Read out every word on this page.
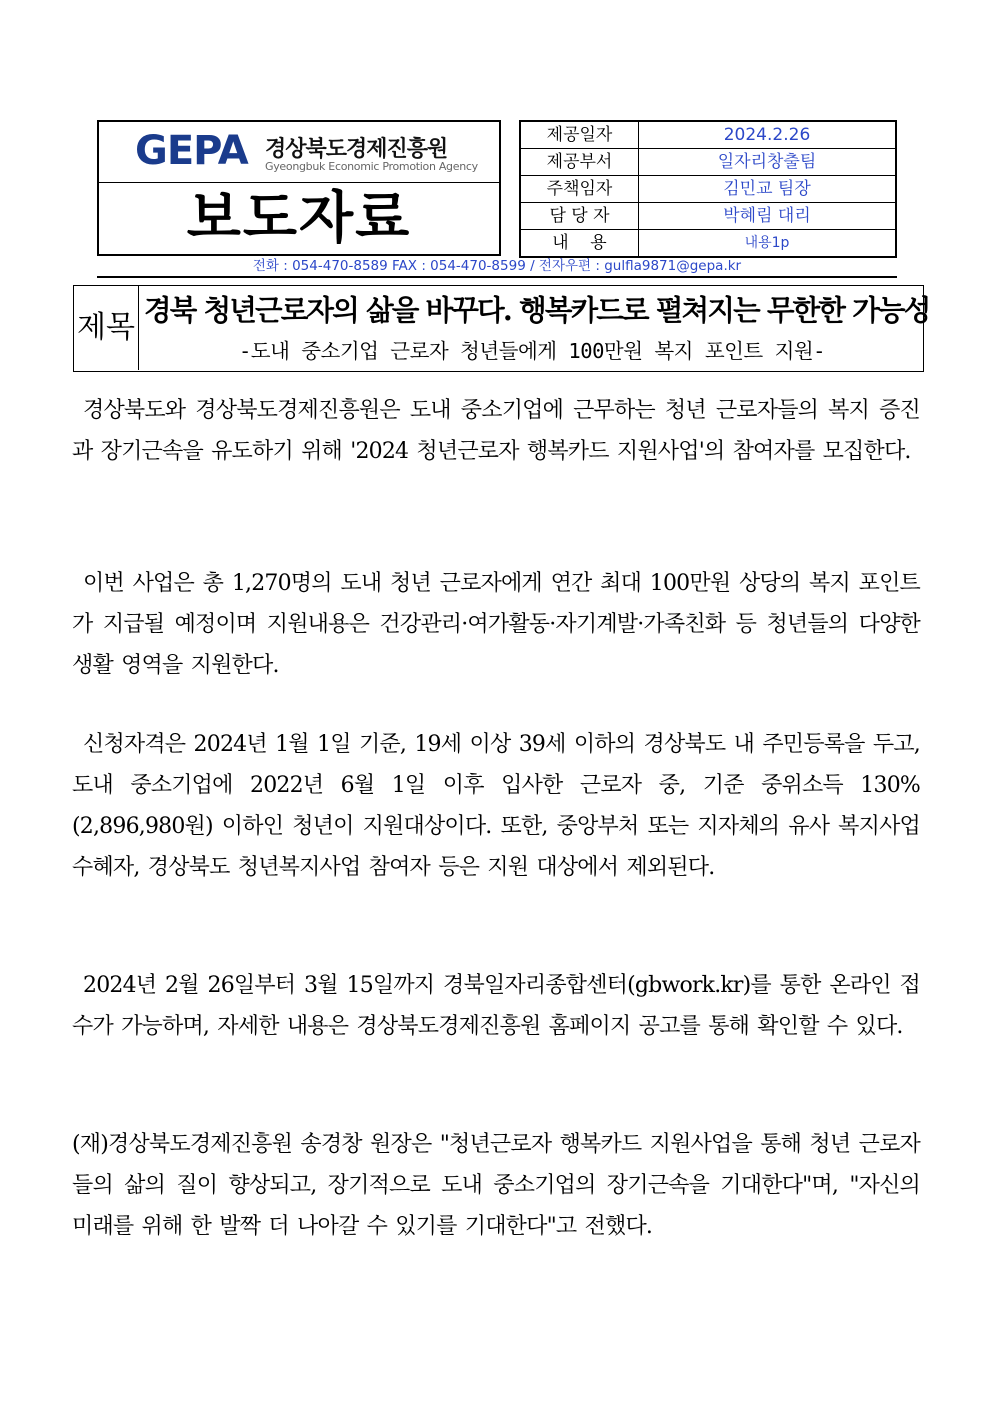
GEPA 경상북도경제진흥원
Gyeongbuk Economic Promotion Agency
보도자료
제공일자	2024.2.26
제공부서	일자리창출팀
주책임자	김민교 팀장
담 당 자	박혜림 대리
내    용	내용1p
전화 : 054-470-8589 FAX : 054-470-8599 / 전자우편 : gulfla9871@gepa.kr
제목 경북 청년근로자의 삶을 바꾸다. 행복카드로 펼쳐지는 무한한 가능성
-도내 중소기업 근로자 청년들에게 100만원 복지 포인트 지원-

경상북도와 경상북도경제진흥원은 도내 중소기업에 근무하는 청년 근로자들의 복지 증진과 장기근속을 유도하기 위해 '2024 청년근로자 행복카드 지원사업'의 참여자를 모집한다.

이번 사업은 총 1,270명의 도내 청년 근로자에게 연간 최대 100만원 상당의 복지 포인트가 지급될 예정이며 지원내용은 건강관리·여가활동·자기계발·가족친화 등 청년들의 다양한 생활 영역을 지원한다.

신청자격은 2024년 1월 1일 기준, 19세 이상 39세 이하의 경상북도 내 주민등록을 두고, 도내 중소기업에 2022년 6월 1일 이후 입사한 근로자 중, 기준 중위소득 130%(2,896,980원) 이하인 청년이 지원대상이다. 또한, 중앙부처 또는 지자체의 유사 복지사업 수혜자, 경상북도 청년복지사업 참여자 등은 지원 대상에서 제외된다.

2024년 2월 26일부터 3월 15일까지 경북일자리종합센터(gbwork.kr)를 통한 온라인 접수가 가능하며, 자세한 내용은 경상북도경제진흥원 홈페이지 공고를 통해 확인할 수 있다.

(재)경상북도경제진흥원 송경창 원장은 "청년근로자 행복카드 지원사업을 통해 청년 근로자들의 삶의 질이 향상되고, 장기적으로 도내 중소기업의 장기근속을 기대한다"며, "자신의 미래를 위해 한 발짝 더 나아갈 수 있기를 기대한다"고 전했다.
